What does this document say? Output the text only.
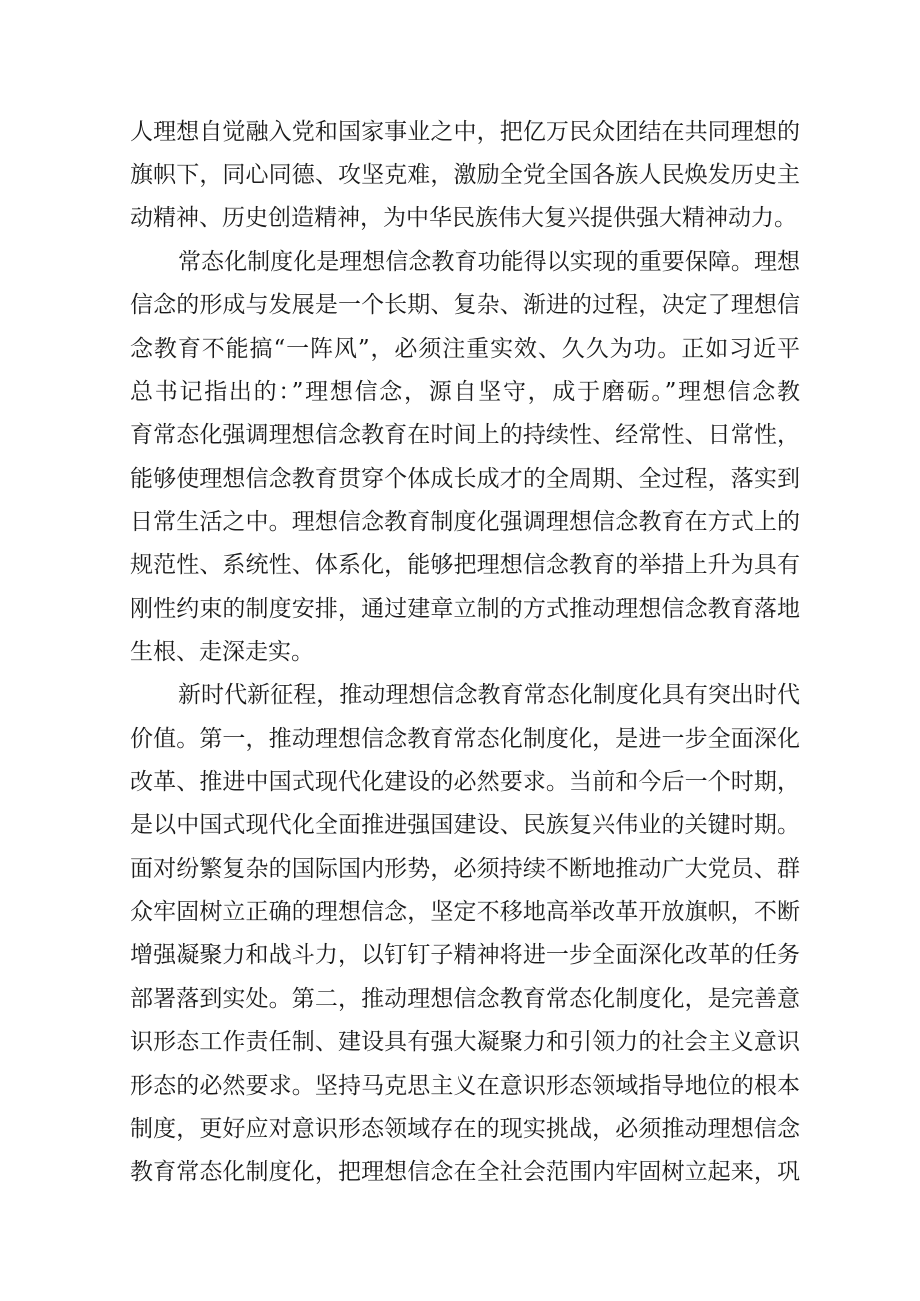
人理想自觉融入党和国家事业之中，把亿万民众团结在共同理想的
旗帜下，同心同德、攻坚克难，激励全党全国各族人民焕发历史主
动精神、历史创造精神，为中华民族伟大复兴提供强大精神动力。
常态化制度化是理想信念教育功能得以实现的重要保障。理想
信念的形成与发展是一个长期、复杂、渐进的过程，决定了理想信
念教育不能搞“一阵风”，必须注重实效、久久为功。正如习近平
总书记指出的：”理想信念，源自坚守，成于磨砺。”理想信念教
育常态化强调理想信念教育在时间上的持续性、经常性、日常性，
能够使理想信念教育贯穿个体成长成才的全周期、全过程，落实到
日常生活之中。理想信念教育制度化强调理想信念教育在方式上的
规范性、系统性、体系化，能够把理想信念教育的举措上升为具有
刚性约束的制度安排，通过建章立制的方式推动理想信念教育落地
生根、走深走实。
新时代新征程，推动理想信念教育常态化制度化具有突出时代
价值。第一，推动理想信念教育常态化制度化，是进一步全面深化
改革、推进中国式现代化建设的必然要求。当前和今后一个时期，
是以中国式现代化全面推进强国建设、民族复兴伟业的关键时期。
面对纷繁复杂的国际国内形势，必须持续不断地推动广大党员、群
众牢固树立正确的理想信念，坚定不移地高举改革开放旗帜，不断
增强凝聚力和战斗力，以钉钉子精神将进一步全面深化改革的任务
部署落到实处。第二，推动理想信念教育常态化制度化，是完善意
识形态工作责任制、建设具有强大凝聚力和引领力的社会主义意识
形态的必然要求。坚持马克思主义在意识形态领域指导地位的根本
制度，更好应对意识形态领域存在的现实挑战，必须推动理想信念
教育常态化制度化，把理想信念在全社会范围内牢固树立起来，巩
